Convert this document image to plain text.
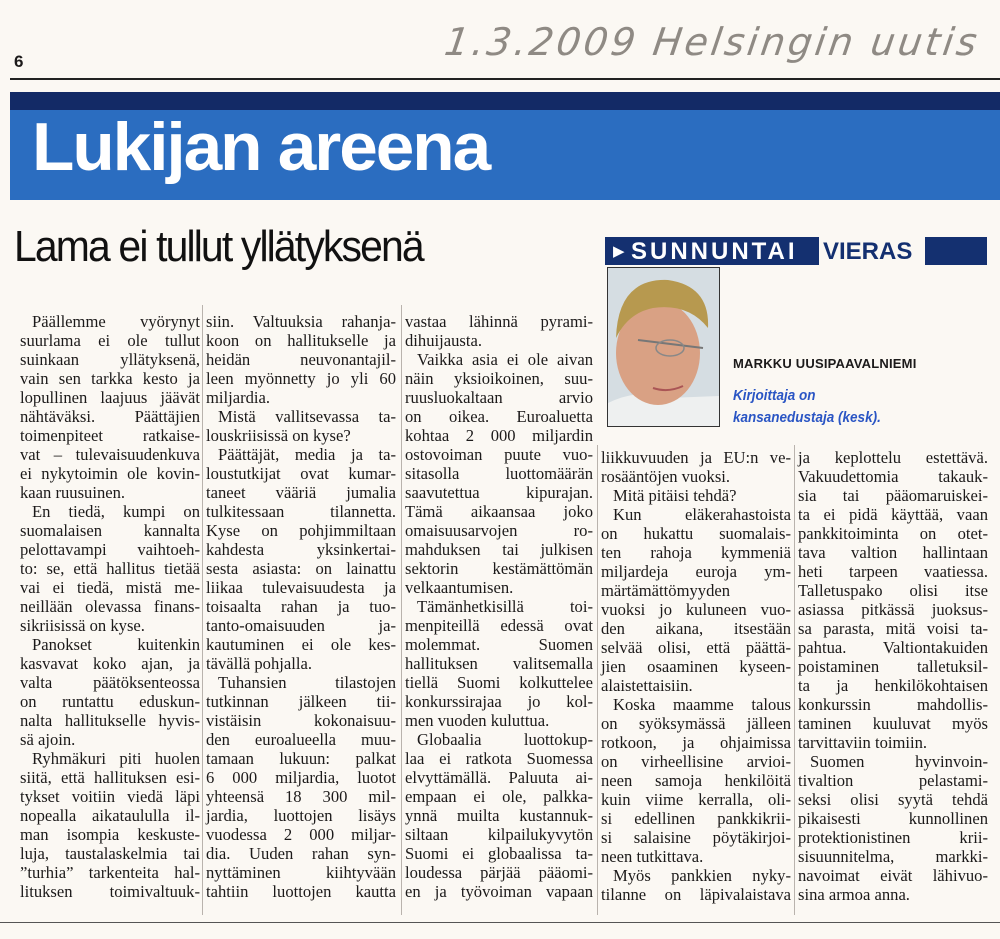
6	1.3.2009 Helsingin uutis
Lukijan areena
Lama ei tullut yllätyksenä	▶ SUNNUNTAI VIERAS
MARKKU UUSIPAAVALNIEMI
Kirjoittaja on
kansanedustaja (kesk).
Päällemme vyörynyt
suurlama ei ole tullut
suinkaan yllätyksenä,
vain sen tarkka kesto ja
lopullinen laajuus jäävät
nähtäväksi. Päättäjien
toimenpiteet ratkaise-
vat – tulevaisuudenkuva
ei nykytoimin ole kovin-
kaan ruusuinen.
En tiedä, kumpi on
suomalaisen kannalta
pelottavampi vaihtoeh-
to: se, että hallitus tietää
vai ei tiedä, mistä me-
neillään olevassa finans-
sikriisissä on kyse.
Panokset kuitenkin
kasvavat koko ajan, ja
valta päätöksenteossa
on runtattu eduskun-
nalta hallitukselle hyvis-
sä ajoin.
Ryhmäkuri piti huolen
siitä, että hallituksen esi-
tykset voitiin viedä läpi
nopealla aikataululla il-
man isompia keskuste-
luja, taustalaskelmia tai
”turhia” tarkenteita hal-
lituksen toimivaltuuk-
siin. Valtuuksia rahanja-
koon on hallitukselle ja
heidän neuvonantajil-
leen myönnetty jo yli 60
miljardia.
Mistä vallitsevassa ta-
louskriisissä on kyse?
Päättäjät, media ja ta-
loustutkijat ovat kumar-
taneet vääriä jumalia
tulkitessaan tilannetta.
Kyse on pohjimmiltaan
kahdesta yksinkertai-
sesta asiasta: on lainattu
liikaa tulevaisuudesta ja
toisaalta rahan ja tuo-
tanto-omaisuuden ja-
kautuminen ei ole kes-
tävällä pohjalla.
Tuhansien tilastojen
tutkinnan jälkeen tii-
vistäisin kokonaisuu-
den euroalueella muu-
tamaan lukuun: palkat
6 000 miljardia, luotot
yhteensä 18 300 mil-
jardia, luottojen lisäys
vuodessa 2 000 miljar-
dia. Uuden rahan syn-
nyttäminen kiihtyvään
tahtiin luottojen kautta
vastaa lähinnä pyrami-
dihuijausta.
Vaikka asia ei ole aivan
näin yksioikoinen, suu-
ruusluokaltaan arvio
on oikea. Euroaluetta
kohtaa 2 000 miljardin
ostovoiman puute vuo-
sitasolla luottomäärän
saavutettua kipurajan.
Tämä aikaansaa joko
omaisuusarvojen ro-
mahduksen tai julkisen
sektorin kestämättömän
velkaantumisen.
Tämänhetkisillä toi-
menpiteillä edessä ovat
molemmat. Suomen
hallituksen valitsemalla
tiellä Suomi kolkuttelee
konkurssirajaa jo kol-
men vuoden kuluttua.
Globaalia luottokup-
laa ei ratkota Suomessa
elvyttämällä. Paluuta ai-
empaan ei ole, palkka-
ynnä muilta kustannuk-
siltaan kilpailukyvytön
Suomi ei globaalissa ta-
loudessa pärjää pääomi-
en ja työvoiman vapaan
liikkuvuuden ja EU:n ve-
rosääntöjen vuoksi.
Mitä pitäisi tehdä?
Kun eläkerahastoista
on hukattu suomalais-
ten rahoja kymmeniä
miljardeja euroja ym-
märtämättömyyden
vuoksi jo kuluneen vuo-
den aikana, itsestään
selvää olisi, että päättä-
jien osaaminen kyseen-
alaistettaisiin.
Koska maamme talous
on syöksymässä jälleen
rotkoon, ja ohjaimissa
on virheellisine arvioi-
neen samoja henkilöitä
kuin viime kerralla, oli-
si edellinen pankkikrii-
si salaisine pöytäkirjoi-
neen tutkittava.
Myös pankkien nyky-
tilanne on läpivalaistava
ja keplottelu estettävä.
Vakuudettomia takauk-
sia tai pääomaruiskei-
ta ei pidä käyttää, vaan
pankkitoiminta on otet-
tava valtion hallintaan
heti tarpeen vaatiessa.
Talletuspako olisi itse
asiassa pitkässä juoksus-
sa parasta, mitä voisi ta-
pahtua. Valtiontakuiden
poistaminen talletuksil-
ta ja henkilökohtaisen
konkurssin mahdollis-
taminen kuuluvat myös
tarvittaviin toimiin.
Suomen hyvinvoin-
tivaltion pelastami-
seksi olisi syytä tehdä
pikaisesti kunnollinen
protektionistinen krii-
sisuunnitelma, markki-
navoimat eivät lähivuo-
sina armoa anna.
